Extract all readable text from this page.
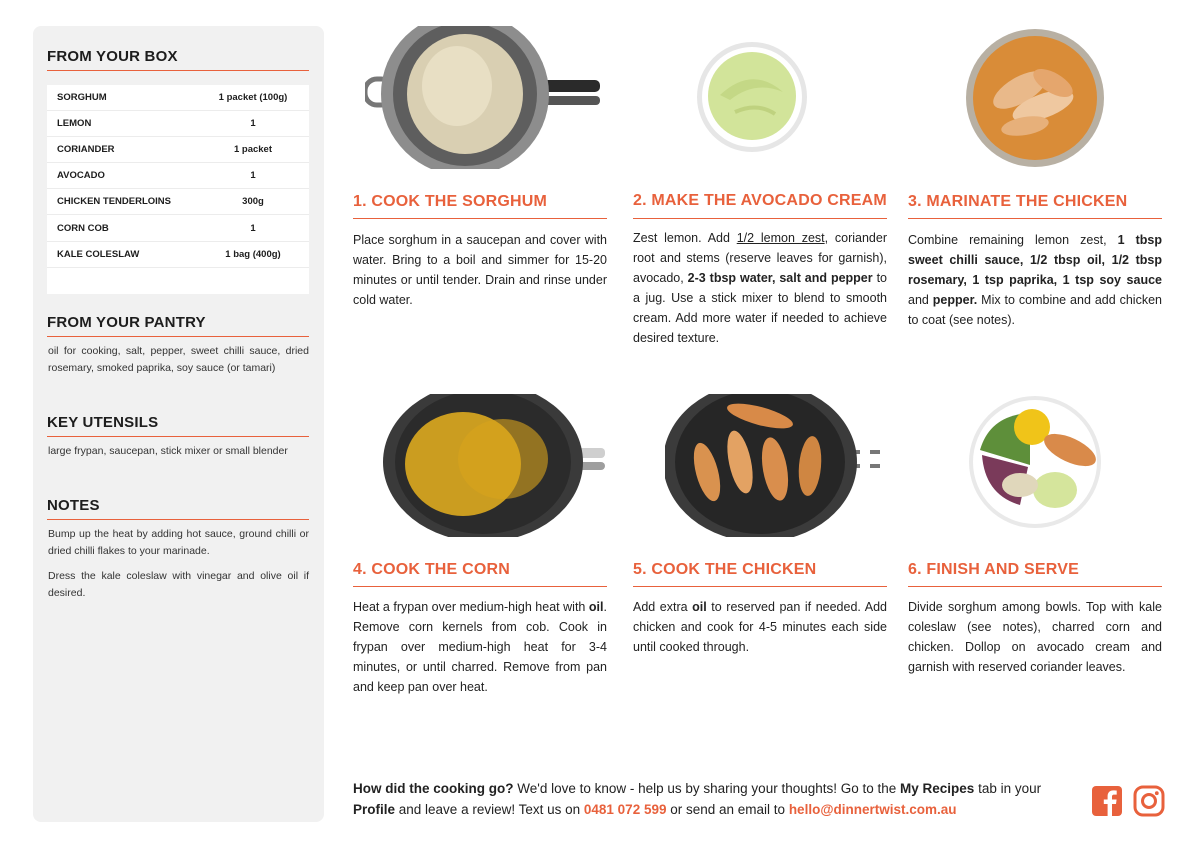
FROM YOUR BOX
SORGHUM	1 packet (100g)
LEMON	1
CORIANDER	1 packet
AVOCADO	1
CHICKEN TENDERLOINS	300g
CORN COB	1
KALE COLESLAW	1 bag (400g)
FROM YOUR PANTRY
oil for cooking, salt, pepper, sweet chilli sauce, dried rosemary, smoked paprika, soy sauce (or tamari)
KEY UTENSILS
large frypan, saucepan, stick mixer or small blender
NOTES
Bump up the heat by adding hot sauce, ground chilli or dried chilli flakes to your marinade.
Dress the kale coleslaw with vinegar and olive oil if desired.
1. COOK THE SORGHUM
Place sorghum in a saucepan and cover with water. Bring to a boil and simmer for 15-20 minutes or until tender. Drain and rinse under cold water.
2. MAKE THE AVOCADO CREAM
Zest lemon. Add 1/2 lemon zest, coriander root and stems (reserve leaves for garnish), avocado, 2-3 tbsp water, salt and pepper to a jug. Use a stick mixer to blend to smooth cream. Add more water if needed to achieve desired texture.
3. MARINATE THE CHICKEN
Combine remaining lemon zest, 1 tbsp sweet chilli sauce, 1/2 tbsp oil, 1/2 tbsp rosemary, 1 tsp paprika, 1 tsp soy sauce and pepper. Mix to combine and add chicken to coat (see notes).
4. COOK THE CORN
Heat a frypan over medium-high heat with oil. Remove corn kernels from cob. Cook in frypan over medium-high heat for 3-4 minutes, or until charred. Remove from pan and keep pan over heat.
5. COOK THE CHICKEN
Add extra oil to reserved pan if needed. Add chicken and cook for 4-5 minutes each side until cooked through.
6. FINISH AND SERVE
Divide sorghum among bowls. Top with kale coleslaw (see notes), charred corn and chicken. Dollop on avocado cream and garnish with reserved coriander leaves.
How did the cooking go? We'd love to know - help us by sharing your thoughts! Go to the My Recipes tab in your Profile and leave a review! Text us on 0481 072 599 or send an email to hello@dinnertwist.com.au
